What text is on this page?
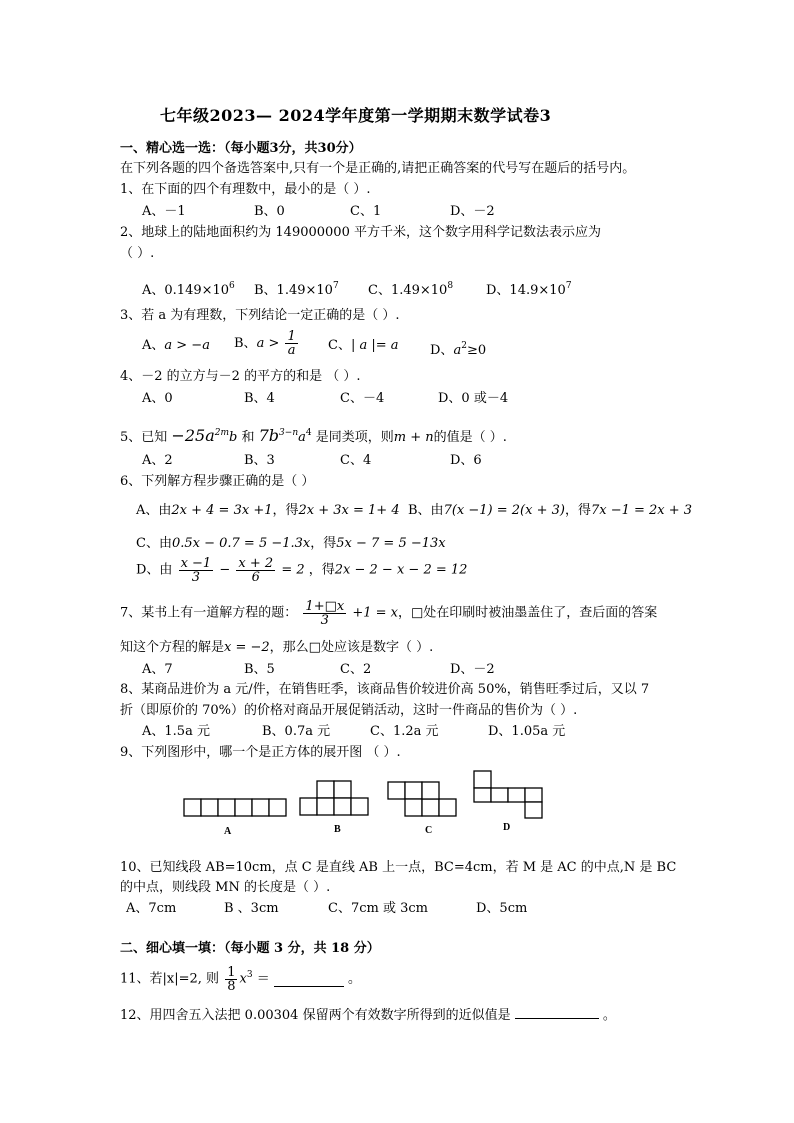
七年级2023— 2024学年度第一学期期末数学试卷3
一、精心选一选：（每小题3分，共30分）
在下列各题的四个备选答案中,只有一个是正确的,请把正确答案的代号写在题后的括号内。
1、在下面的四个有理数中，最小的是（ ）.
A、－1	B、0	C、1	D、－2
2、地球上的陆地面积约为 149000000 平方千米，这个数字用科学记数法表示应为
（ ）.
A、$0.149\times 10^6$ B、$1.49\times 10^7$ C、$1.49\times 10^8$	D、$14.9\times 10^7$
3、若 a 为有理数，下列结论一定正确的是（ ）.
A、a > −a B、$a > \frac{1}{a}$ C、| a |= a D、$a^2\ge 0$
4、－2 的立方与－2 的平方的和是 （ ）.
A、0	B、4	C、－4	D、0 或－4
5、已知 $-25a^{2m}b$ 和 $7b^{3-n}a^4$ 是同类项，则m + n的值是（ ）.
A、2	B、3	C、4	D、6
6、下列解方程步骤正确的是（ ）
A、由2x + 4 = 3x +1，得2x + 3x = 1+ 4 B、由7(x −1) = 2(x + 3)，得7x −1 = 2x + 3
C、由0.5x − 0.7 = 5 −1.3x，得5x − 7 = 5 −13x
D、由 $\frac{x -1}{3} - \frac{x + 2}{6} = 2$ ，得2x − 2 − x − 2 = 12
7、某书上有一道解方程的题： $\frac{1+□x}{3} +1 = x$，□处在印刷时被油墨盖住了，查后面的答案
知这个方程的解是x = −2，那么□处应该是数字（ ）.
A、7	B、5	C、2	D、－2
8、某商品进价为 a 元/件，在销售旺季，该商品售价较进价高 50%，销售旺季过后，又以 7
折（即原价的 70%）的价格对商品开展促销活动，这时一件商品的售价为（ ）.
A、1.5a 元	B、0.7a 元	C、1.2a 元	D、1.05a 元
9、下列图形中，哪一个是正方体的展开图 （ ）.
A	B	C	D
10、已知线段 AB=10cm，点 C 是直线 AB 上一点，BC=4cm，若 M 是 AC 的中点,N 是 BC
的中点，则线段 MN 的长度是（ ）.
A、7cm	B 、3cm	C、7cm 或 3cm	D、5cm
二、细心填一填：（每小题 3 分，共 18 分）
11、若|x|=2, 则 $\frac{1}{8} x^3$ ＝	。
12、用四舍五入法把 0.00304 保留两个有效数字所得到的近似值是	。
